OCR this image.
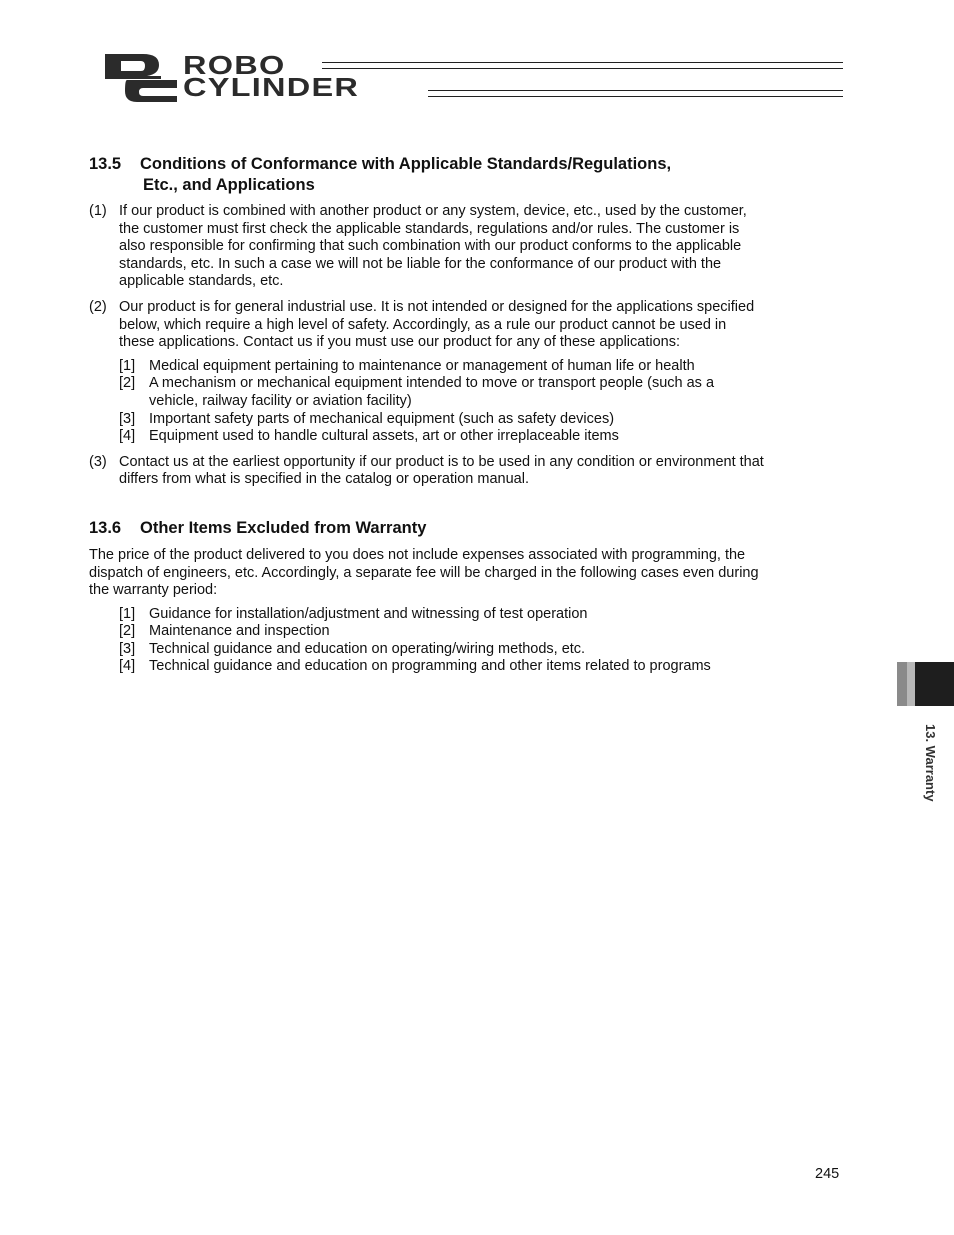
ROBO
CYLINDER
13.5 Conditions of Conformance with Applicable Standards/Regulations,
Etc., and Applications
(1) If our product is combined with another product or any system, device, etc., used by the customer, the customer must first check the applicable standards, regulations and/or rules. The customer is also responsible for confirming that such combination with our product conforms to the applicable standards, etc. In such a case we will not be liable for the conformance of our product with the applicable standards, etc.
(2) Our product is for general industrial use. It is not intended or designed for the applications specified below, which require a high level of safety. Accordingly, as a rule our product cannot be used in these applications. Contact us if you must use our product for any of these applications:
[1] Medical equipment pertaining to maintenance or management of human life or health
[2] A mechanism or mechanical equipment intended to move or transport people (such as a vehicle, railway facility or aviation facility)
[3] Important safety parts of mechanical equipment (such as safety devices)
[4] Equipment used to handle cultural assets, art or other irreplaceable items
(3) Contact us at the earliest opportunity if our product is to be used in any condition or environment that differs from what is specified in the catalog or operation manual.
13.6 Other Items Excluded from Warranty

The price of the product delivered to you does not include expenses associated with programming, the dispatch of engineers, etc. Accordingly, a separate fee will be charged in the following cases even during the warranty period:

[1] Guidance for installation/adjustment and witnessing of test operation
[2] Maintenance and inspection
[3] Technical guidance and education on operating/wiring methods, etc.
[4] Technical guidance and education on programming and other items related to programs
13. Warranty
245
